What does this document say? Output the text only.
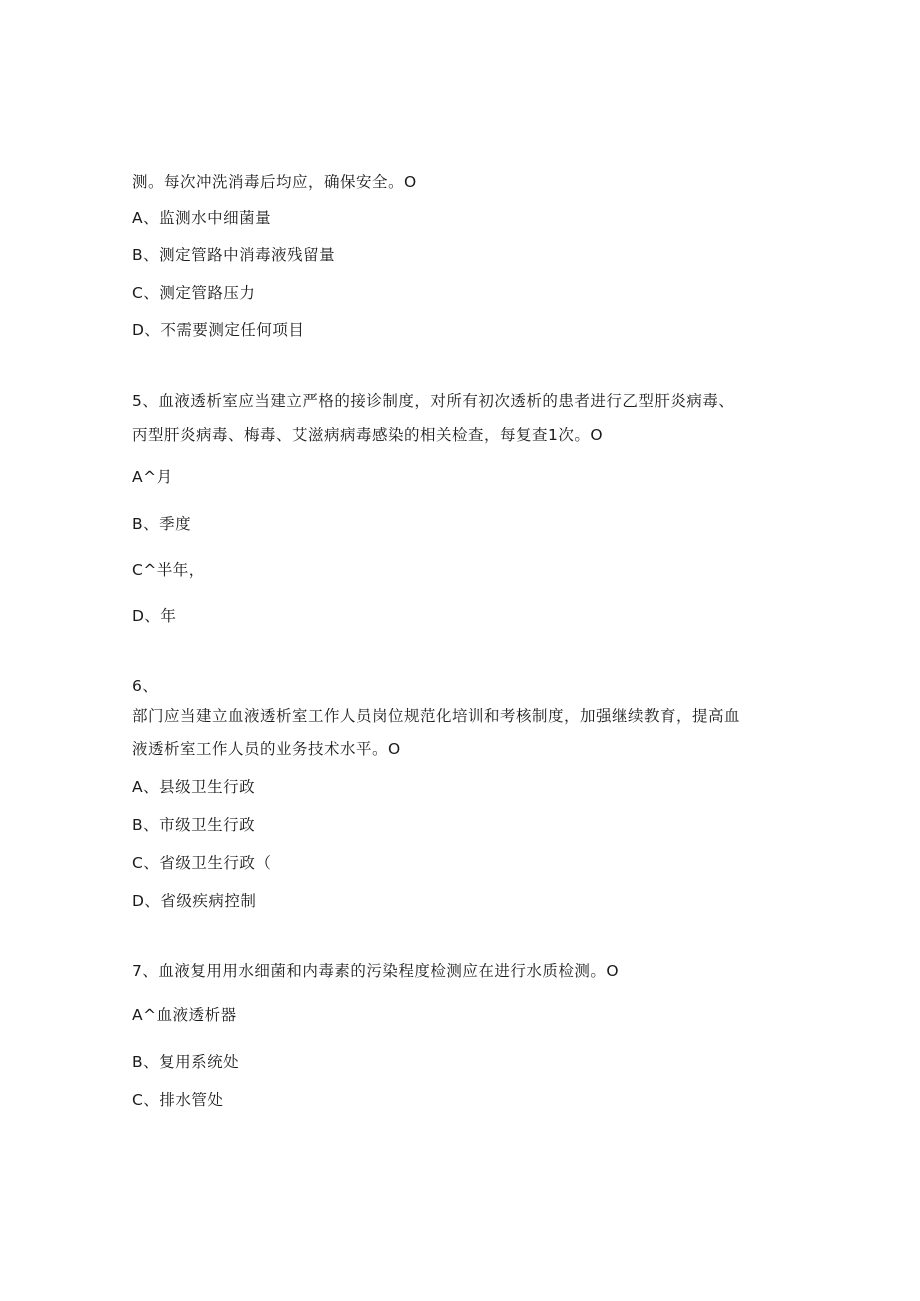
测。每次冲洗消毒后均应，确保安全。O
A、监测水中细菌量
B、测定管路中消毒液残留量
C、测定管路压力
D、不需要测定任何项目
5、血液透析室应当建立严格的接诊制度，对所有初次透析的患者进行乙型肝炎病毒、
丙型肝炎病毒、梅毒、艾滋病病毒感染的相关检查，每复查1次。O
A^月
B、季度
C^半年，
D、年
6、
部门应当建立血液透析室工作人员岗位规范化培训和考核制度，加强继续教育，提高血
液透析室工作人员的业务技术水平。O
A、县级卫生行政
B、市级卫生行政
C、省级卫生行政（
D、省级疾病控制
7、血液复用用水细菌和内毒素的污染程度检测应在进行水质检测。O
A^血液透析器
B、复用系统处
C、排水管处
